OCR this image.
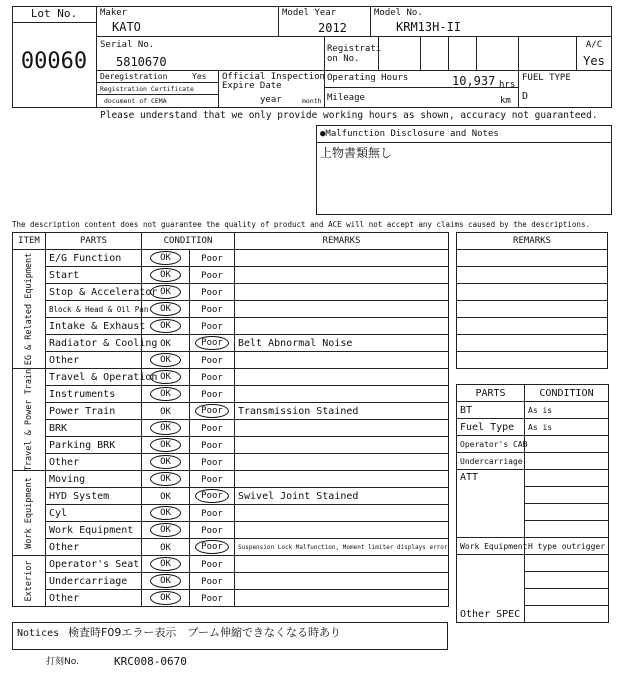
Lot No.
00060
Maker
KATO
Model Year
2012
Model No.
KRM13H-II
Serial No.
5810670
Registrati
on No.
A/C
Yes
Deregistration	Yes
Registration Certificate
document of CEMA
Official Inspection
Expire Date
year	month
Operating Hours	10,937 hrs
Mileage	km
FUEL TYPE
D
Please understand that we only provide working hours as shown, accuracy not guaranteed.
●Malfunction Disclosure and Notes
上物書類無し
The description content does not guarantee the quality of product and ACE will not accept any claims caused by the descriptions.
ITEM	PARTS	CONDITION		REMARKS

EG & Related Equipment	E/G Function	OK	Poor	
	Start	OK	Poor	
	Stop & Accelerator	OK	Poor	
	Block & Head & Oil Pan	OK	Poor	
	Intake & Exhaust	OK	Poor	
	Radiator & Cooling	OK	Poor	Belt Abnormal Noise
	Other	OK	Poor	

Travel & Power Train	Travel & Operation	OK	Poor	
	Instruments	OK	Poor	
	Power Train	OK	Poor	Transmission Stained
	BRK	OK	Poor	
	Parking BRK	OK	Poor	
	Other	OK	Poor	

Work Equipment	Moving	OK	Poor	
	HYD System	OK	Poor	Swivel Joint Stained
	Cyl	OK	Poor	
	Work Equipment	OK	Poor	
	Other	OK	Poor	Suspension Lock Malfunction, Moment limiter displays error

Exterior	Operator's Seat	OK	Poor	
	Undercarriage	OK	Poor	
	Other	OK	Poor	
REMARKS

PARTS	CONDITION
BT	As is
Fuel Type	As is
Operator's CAB	
Undercarriage	
ATT	

Work Equipment	H type outrigger
Other SPEC	

Notices 検査時F09エラー表示　ブーム伸縮できなくなる時あり
打刻No.	KRC008-0670
